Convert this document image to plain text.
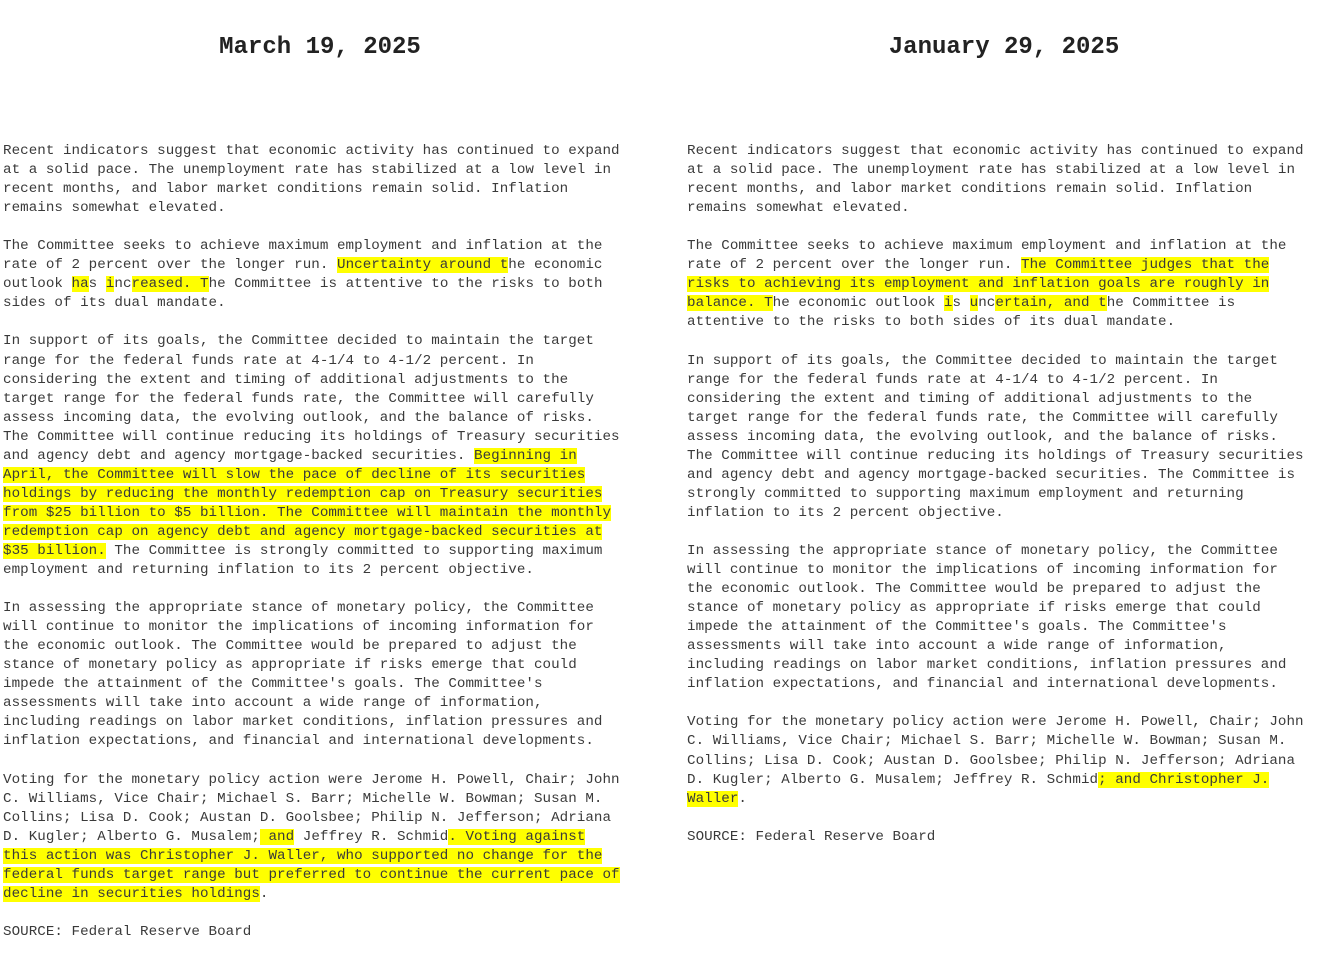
March 19, 2025
Recent indicators suggest that economic activity has continued to expand
at a solid pace. The unemployment rate has stabilized at a low level in
recent months, and labor market conditions remain solid. Inflation
remains somewhat elevated.
The Committee seeks to achieve maximum employment and inflation at the
rate of 2 percent over the longer run. Uncertainty around the economic
outlook has increased. The Committee is attentive to the risks to both
sides of its dual mandate.
In support of its goals, the Committee decided to maintain the target
range for the federal funds rate at 4-1/4 to 4-1/2 percent. In
considering the extent and timing of additional adjustments to the
target range for the federal funds rate, the Committee will carefully
assess incoming data, the evolving outlook, and the balance of risks.
The Committee will continue reducing its holdings of Treasury securities
and agency debt and agency mortgage-backed securities. Beginning in
April, the Committee will slow the pace of decline of its securities
holdings by reducing the monthly redemption cap on Treasury securities
from $25 billion to $5 billion. The Committee will maintain the monthly
redemption cap on agency debt and agency mortgage-backed securities at
$35 billion. The Committee is strongly committed to supporting maximum
employment and returning inflation to its 2 percent objective.
In assessing the appropriate stance of monetary policy, the Committee
will continue to monitor the implications of incoming information for
the economic outlook. The Committee would be prepared to adjust the
stance of monetary policy as appropriate if risks emerge that could
impede the attainment of the Committee's goals. The Committee's
assessments will take into account a wide range of information,
including readings on labor market conditions, inflation pressures and
inflation expectations, and financial and international developments.
Voting for the monetary policy action were Jerome H. Powell, Chair; John
C. Williams, Vice Chair; Michael S. Barr; Michelle W. Bowman; Susan M.
Collins; Lisa D. Cook; Austan D. Goolsbee; Philip N. Jefferson; Adriana
D. Kugler; Alberto G. Musalem; and Jeffrey R. Schmid. Voting against
this action was Christopher J. Waller, who supported no change for the
federal funds target range but preferred to continue the current pace of
decline in securities holdings.
SOURCE: Federal Reserve Board
January 29, 2025
Recent indicators suggest that economic activity has continued to expand
at a solid pace. The unemployment rate has stabilized at a low level in
recent months, and labor market conditions remain solid. Inflation
remains somewhat elevated.
The Committee seeks to achieve maximum employment and inflation at the
rate of 2 percent over the longer run. The Committee judges that the
risks to achieving its employment and inflation goals are roughly in
balance. The economic outlook is uncertain, and the Committee is
attentive to the risks to both sides of its dual mandate.
In support of its goals, the Committee decided to maintain the target
range for the federal funds rate at 4-1/4 to 4-1/2 percent. In
considering the extent and timing of additional adjustments to the
target range for the federal funds rate, the Committee will carefully
assess incoming data, the evolving outlook, and the balance of risks.
The Committee will continue reducing its holdings of Treasury securities
and agency debt and agency mortgage-backed securities. The Committee is
strongly committed to supporting maximum employment and returning
inflation to its 2 percent objective.
In assessing the appropriate stance of monetary policy, the Committee
will continue to monitor the implications of incoming information for
the economic outlook. The Committee would be prepared to adjust the
stance of monetary policy as appropriate if risks emerge that could
impede the attainment of the Committee's goals. The Committee's
assessments will take into account a wide range of information,
including readings on labor market conditions, inflation pressures and
inflation expectations, and financial and international developments.
Voting for the monetary policy action were Jerome H. Powell, Chair; John
C. Williams, Vice Chair; Michael S. Barr; Michelle W. Bowman; Susan M.
Collins; Lisa D. Cook; Austan D. Goolsbee; Philip N. Jefferson; Adriana
D. Kugler; Alberto G. Musalem; Jeffrey R. Schmid; and Christopher J.
Waller.
SOURCE: Federal Reserve Board
